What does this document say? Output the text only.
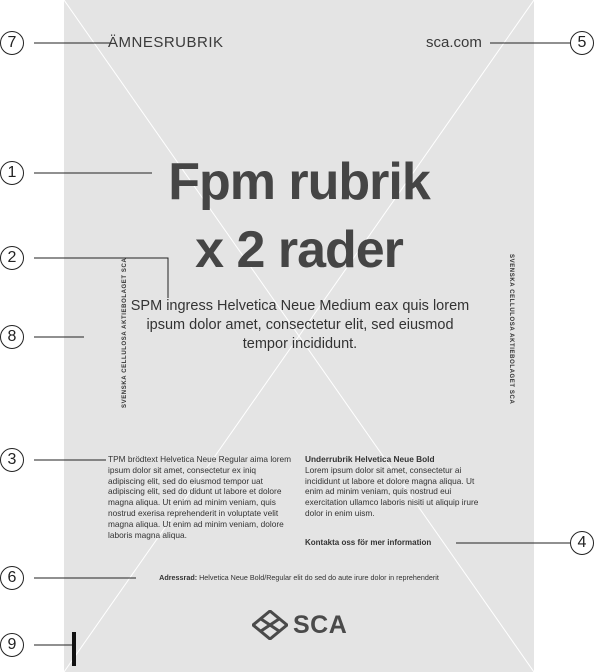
ÄMNESRUBRIK	sca.com
Fpm rubrik
x 2 rader
SPM ingress Helvetica Neue Medium eax quis lorem ipsum dolor amet, consectetur elit, sed eiusmod tempor incididunt.
SVENSKA CELLULOSA AKTIEBOLAGET SCA	SVENSKA CELLULOSA AKTIEBOLAGET SCA
TPM brödtext Helvetica Neue Regular aima lorem ipsum dolor sit amet, consectetur ex iniq adipiscing elit, sed do eiusmod tempor uat adipiscing elit, sed do didunt ut labore et dolore magna aliqua. Ut enim ad minim veniam, quis nostrud exerisa reprehenderit in voluptate velit magna aliqua. Ut enim ad minim veniam, dolore laboris magna aliqua.
Underrubrik Helvetica Neue Bold
Lorem ipsum dolor sit amet, consectetur ai incididunt ut labore et dolore magna aliqua. Ut enim ad minim veniam, quis nostrud eui exercitation ullamco laboris nisiti ut aliquip irure dolor in enim uism.
Kontakta oss för mer information
Adressrad: Helvetica Neue Bold/Regular elit do sed do aute irure dolor in reprehenderit
SCA
7	5
1
2
8
3
4
6
9
